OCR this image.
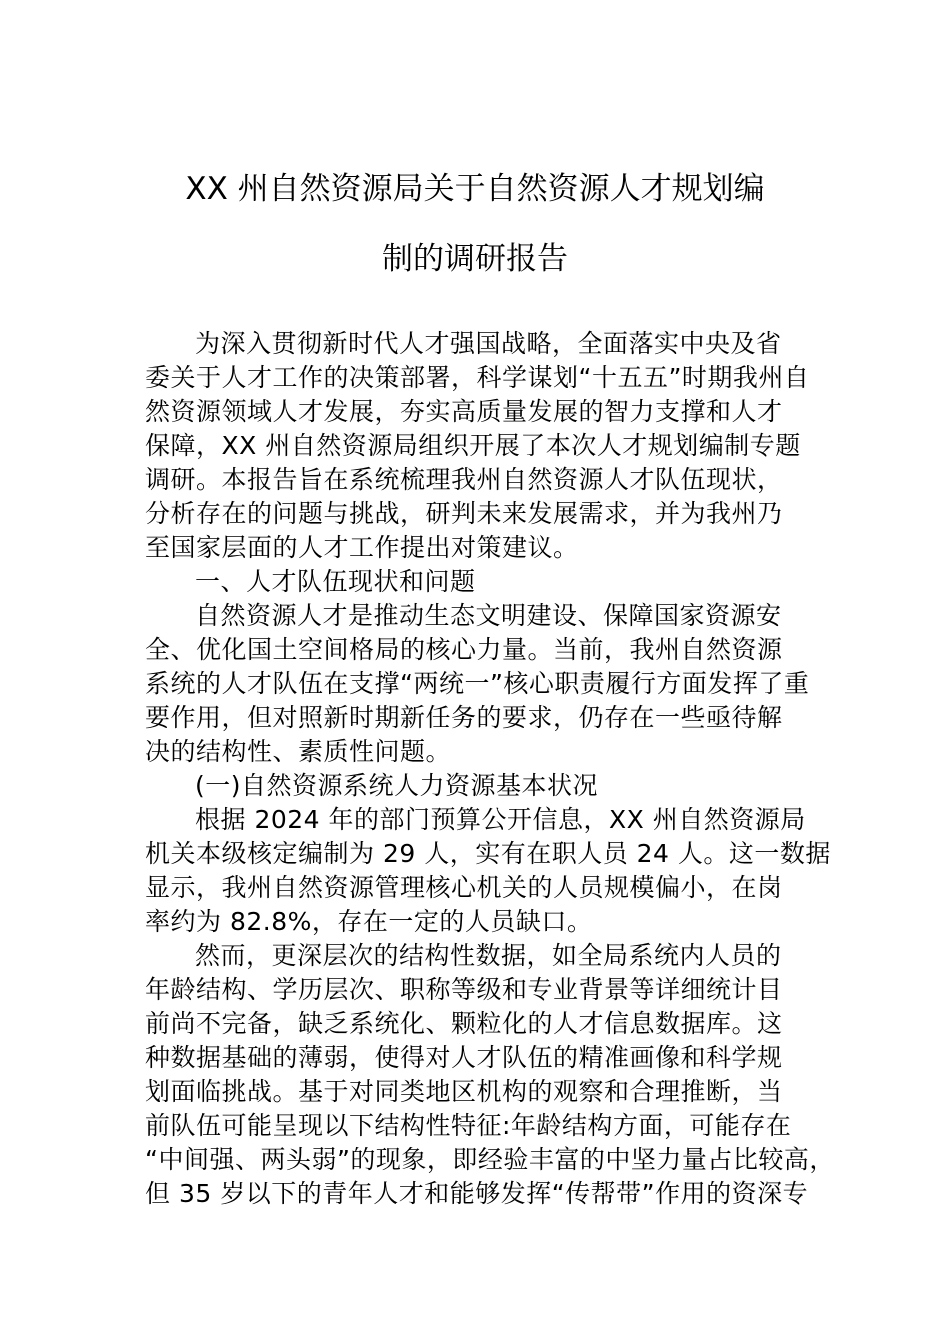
XX 州自然资源局关于自然资源人才规划编
制的调研报告
为深入贯彻新时代人才强国战略，全面落实中央及省
委关于人才工作的决策部署，科学谋划“十五五”时期我州自
然资源领域人才发展，夯实高质量发展的智力支撑和人才
保障，XX 州自然资源局组织开展了本次人才规划编制专题
调研。本报告旨在系统梳理我州自然资源人才队伍现状，
分析存在的问题与挑战，研判未来发展需求，并为我州乃
至国家层面的人才工作提出对策建议。
一、人才队伍现状和问题
自然资源人才是推动生态文明建设、保障国家资源安
全、优化国土空间格局的核心力量。当前，我州自然资源
系统的人才队伍在支撑“两统一”核心职责履行方面发挥了重
要作用，但对照新时期新任务的要求，仍存在一些亟待解
决的结构性、素质性问题。
(一)自然资源系统人力资源基本状况
根据 2024 年的部门预算公开信息，XX 州自然资源局
机关本级核定编制为 29 人，实有在职人员 24 人。这一数据
显示，我州自然资源管理核心机关的人员规模偏小，在岗
率约为 82.8%，存在一定的人员缺口。
然而，更深层次的结构性数据，如全局系统内人员的
年龄结构、学历层次、职称等级和专业背景等详细统计目
前尚不完备，缺乏系统化、颗粒化的人才信息数据库。这
种数据基础的薄弱，使得对人才队伍的精准画像和科学规
划面临挑战。基于对同类地区机构的观察和合理推断，当
前队伍可能呈现以下结构性特征:年龄结构方面，可能存在
“中间强、两头弱”的现象，即经验丰富的中坚力量占比较高，
但 35 岁以下的青年人才和能够发挥“传帮带”作用的资深专
